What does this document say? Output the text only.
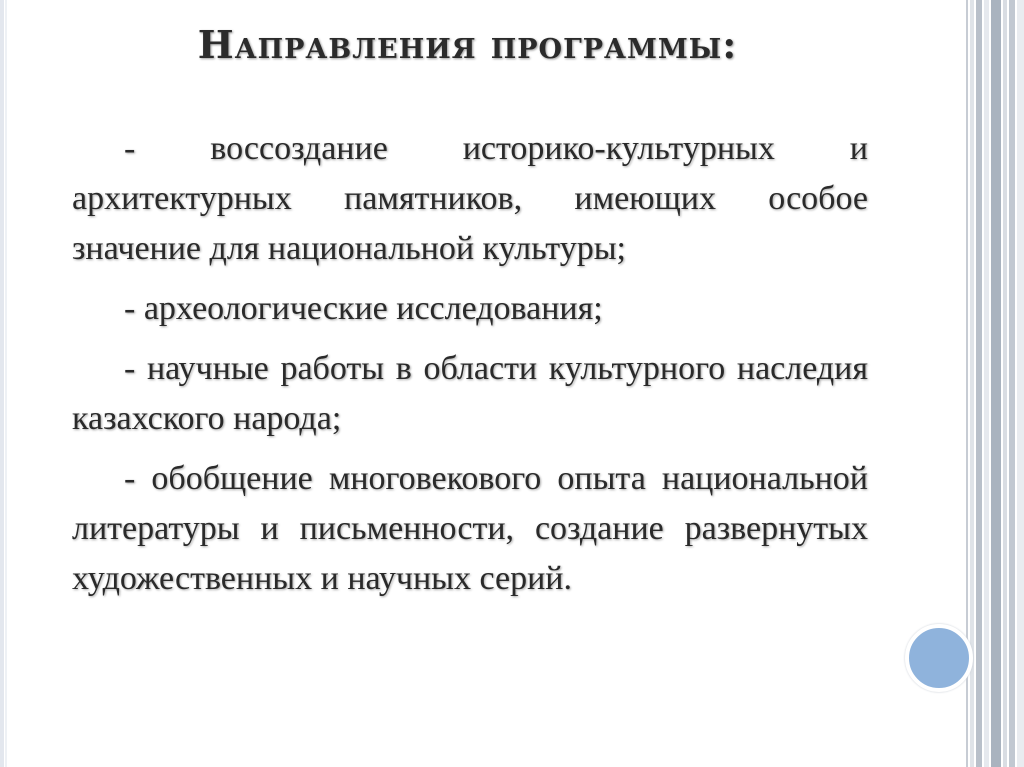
Направления программы:

- воссоздание историко-культурных и архитектурных памятников, имеющих особое значение для национальной культуры;

- археологические исследования;

- научные работы в области культурного наследия казахского народа;

- обобщение многовекового опыта национальной литературы и письменности, создание развернутых художественных и научных серий.
